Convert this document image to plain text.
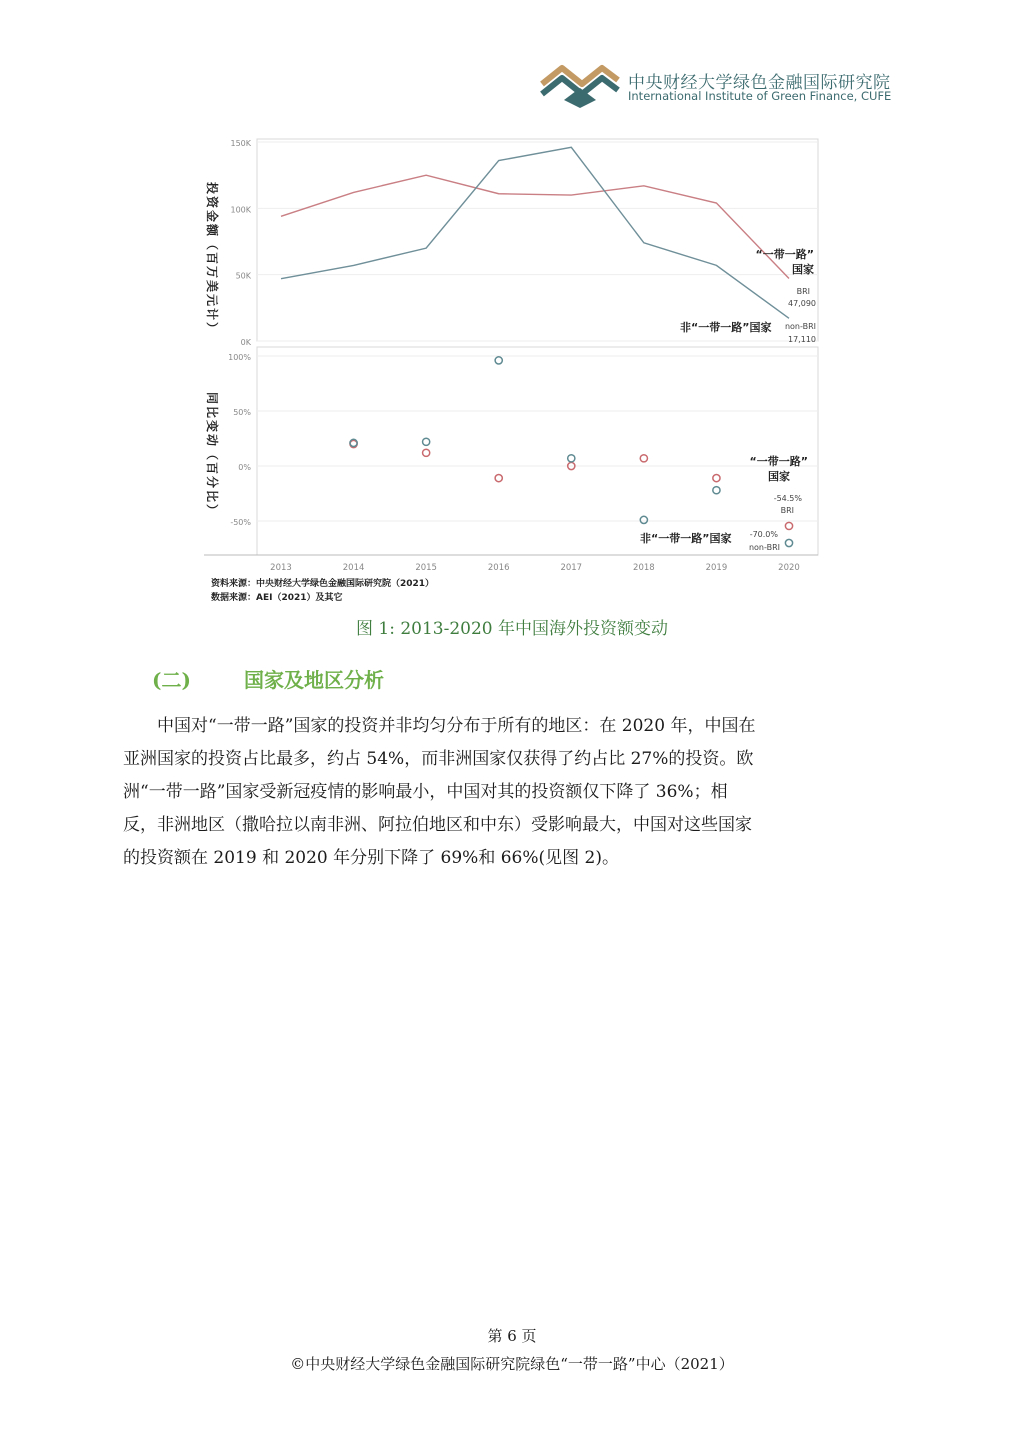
中央财经大学绿色金融国际研究院
International Institute of Green Finance, CUFE
150K
100K
50K
0K
投资金额（百万美元计）	“一带一路”
国家
BRI
47,090
非“一带一路”国家 non-BRI
17,110
100%
50%
0%
-50%
同比变动（百分比）	“一带一路”
国家
-54.5%
BRI
非“一带一路”国家 -70.0%
non-BRI
2013	2014	2015	2016	2017	2018	2019	2020
资料来源：中央财经大学绿色金融国际研究院（2021）
数据来源：AEI（2021）及其它
图 1: 2013-2020 年中国海外投资额变动
(二)	国家及地区分析
中国对“一带一路”国家的投资并非均匀分布于所有的地区：在 2020 年，中国在
亚洲国家的投资占比最多，约占 54%，而非洲国家仅获得了约占比 27%的投资。欧
洲“一带一路”国家受新冠疫情的影响最小，中国对其的投资额仅下降了 36%；相
反，非洲地区（撒哈拉以南非洲、阿拉伯地区和中东）受影响最大，中国对这些国家
的投资额在 2019 和 2020 年分别下降了 69%和 66%(见图 2)。
第 6 页
©中央财经大学绿色金融国际研究院绿色“一带一路”中心（2021）
